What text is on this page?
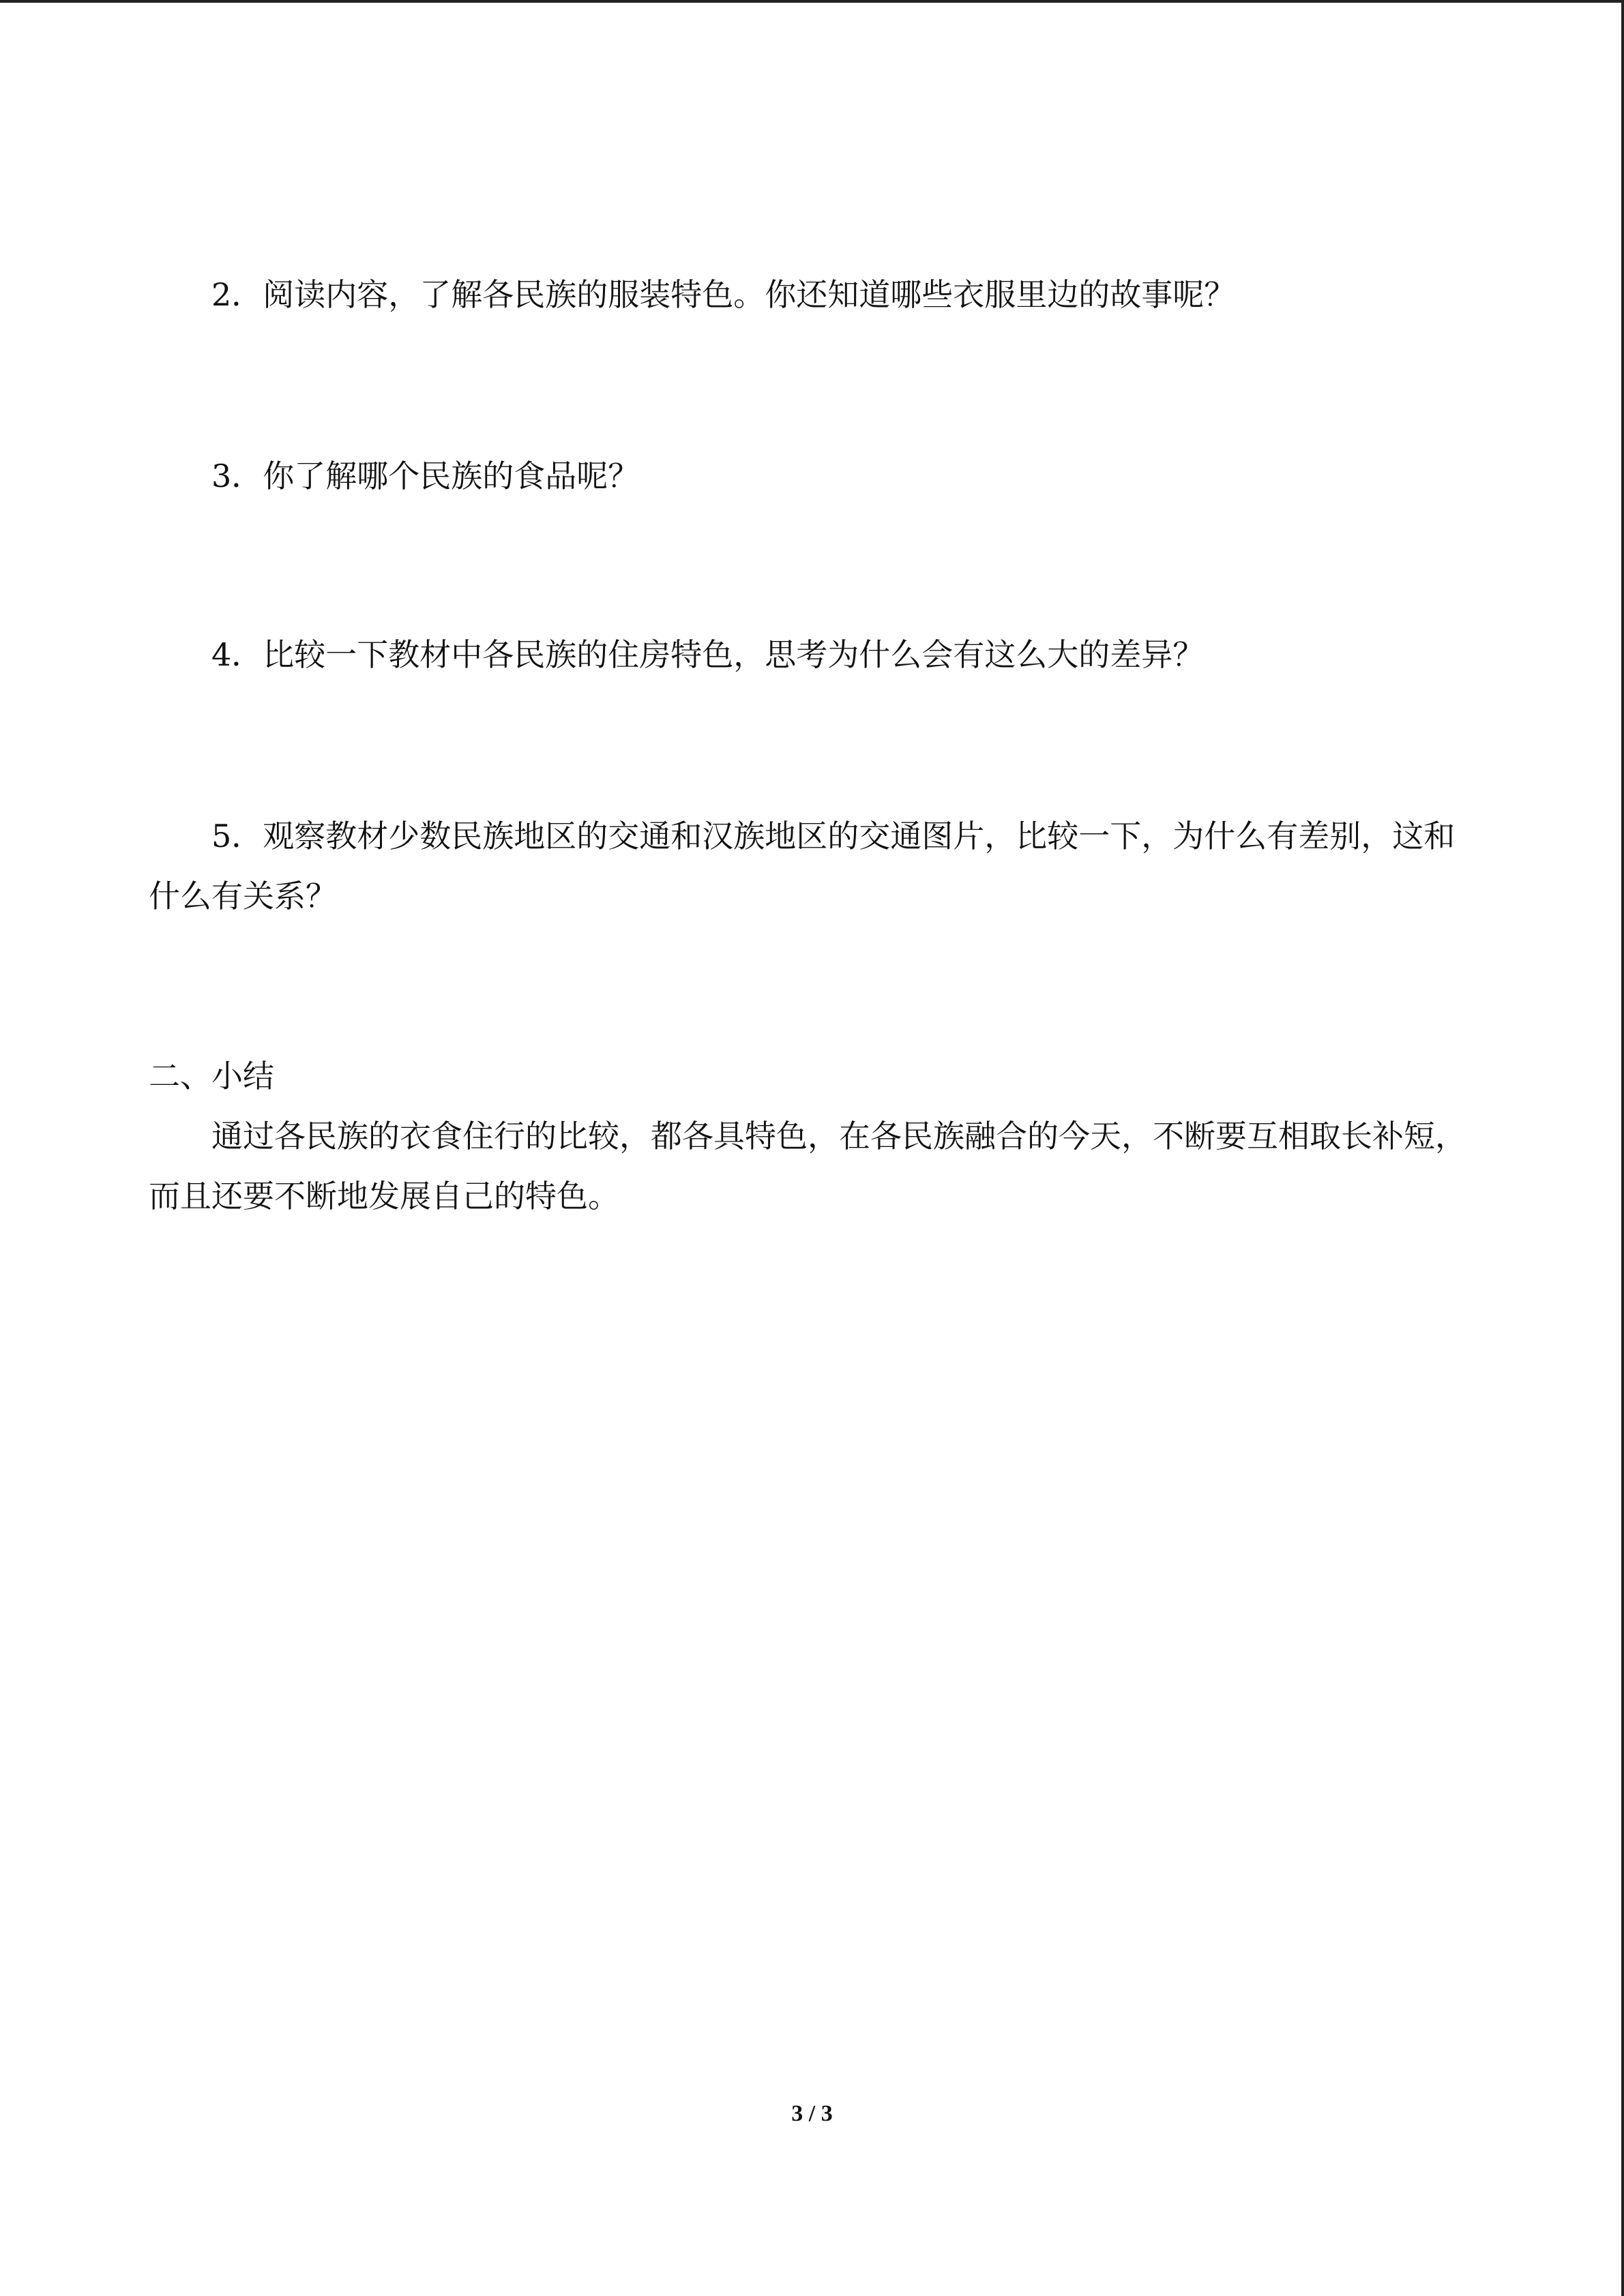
2．阅读内容，了解各民族的服装特色。你还知道哪些衣服里边的故事呢？

3．你了解哪个民族的食品呢？

4．比较一下教材中各民族的住房特色，思考为什么会有这么大的差异？

5．观察教材少数民族地区的交通和汉族地区的交通图片，比较一下，为什么有差别，这和什么有关系？

二、小结

通过各民族的衣食住行的比较，都各具特色，在各民族融合的今天，不断要互相取长补短，而且还要不断地发展自己的特色。

3 / 3
